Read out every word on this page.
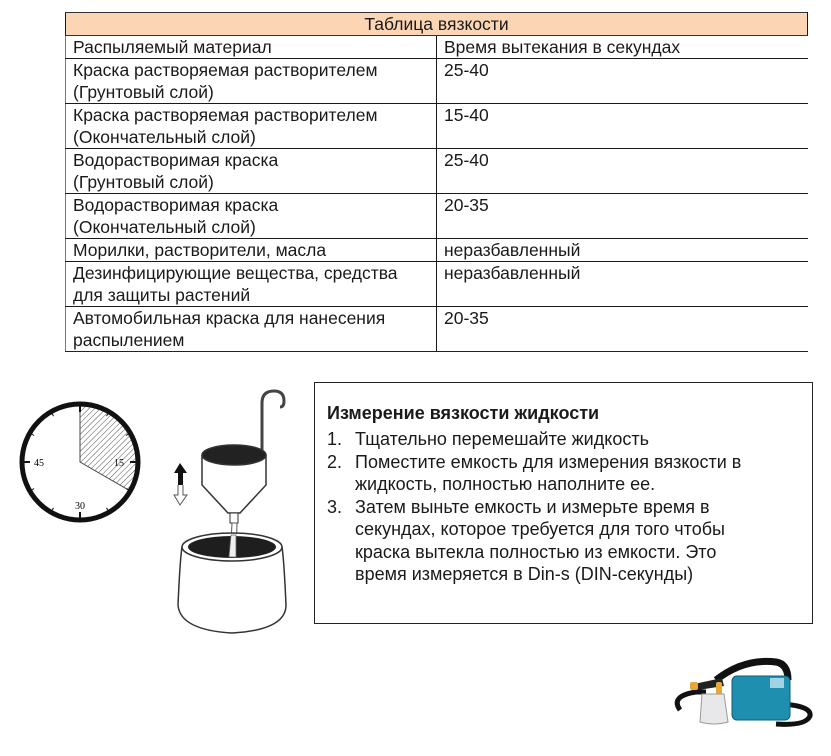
Таблица вязкости	
Распыляемый материал	Время вытекания в секундах

Краска растворяемая растворителем
(Грунтовый слой)	25-40

Краска растворяемая растворителем
(Окончательный слой)	15-40

Водорастворимая краска
(Грунтовый слой)	25-40

Водорастворимая краска
(Окончательный слой)	20-35

Морилки, растворители, масла	неразбавленный

Дезинфицирующие вещества, средства
для защиты растений	неразбавленный

Автомобильная краска для нанесения
распылением	20-35
15
30
45
Измерение вязкости жидкости
1. Тщательно перемешайте жидкость
2. Поместите емкость для измерения вязкости в
жидкость, полностью наполните ее.
3. Затем выньте емкость и измерьте время в
секундах, которое требуется для того чтобы
краска вытекла полностью из емкости. Это
время измеряется в Din-s (DIN-секунды)
